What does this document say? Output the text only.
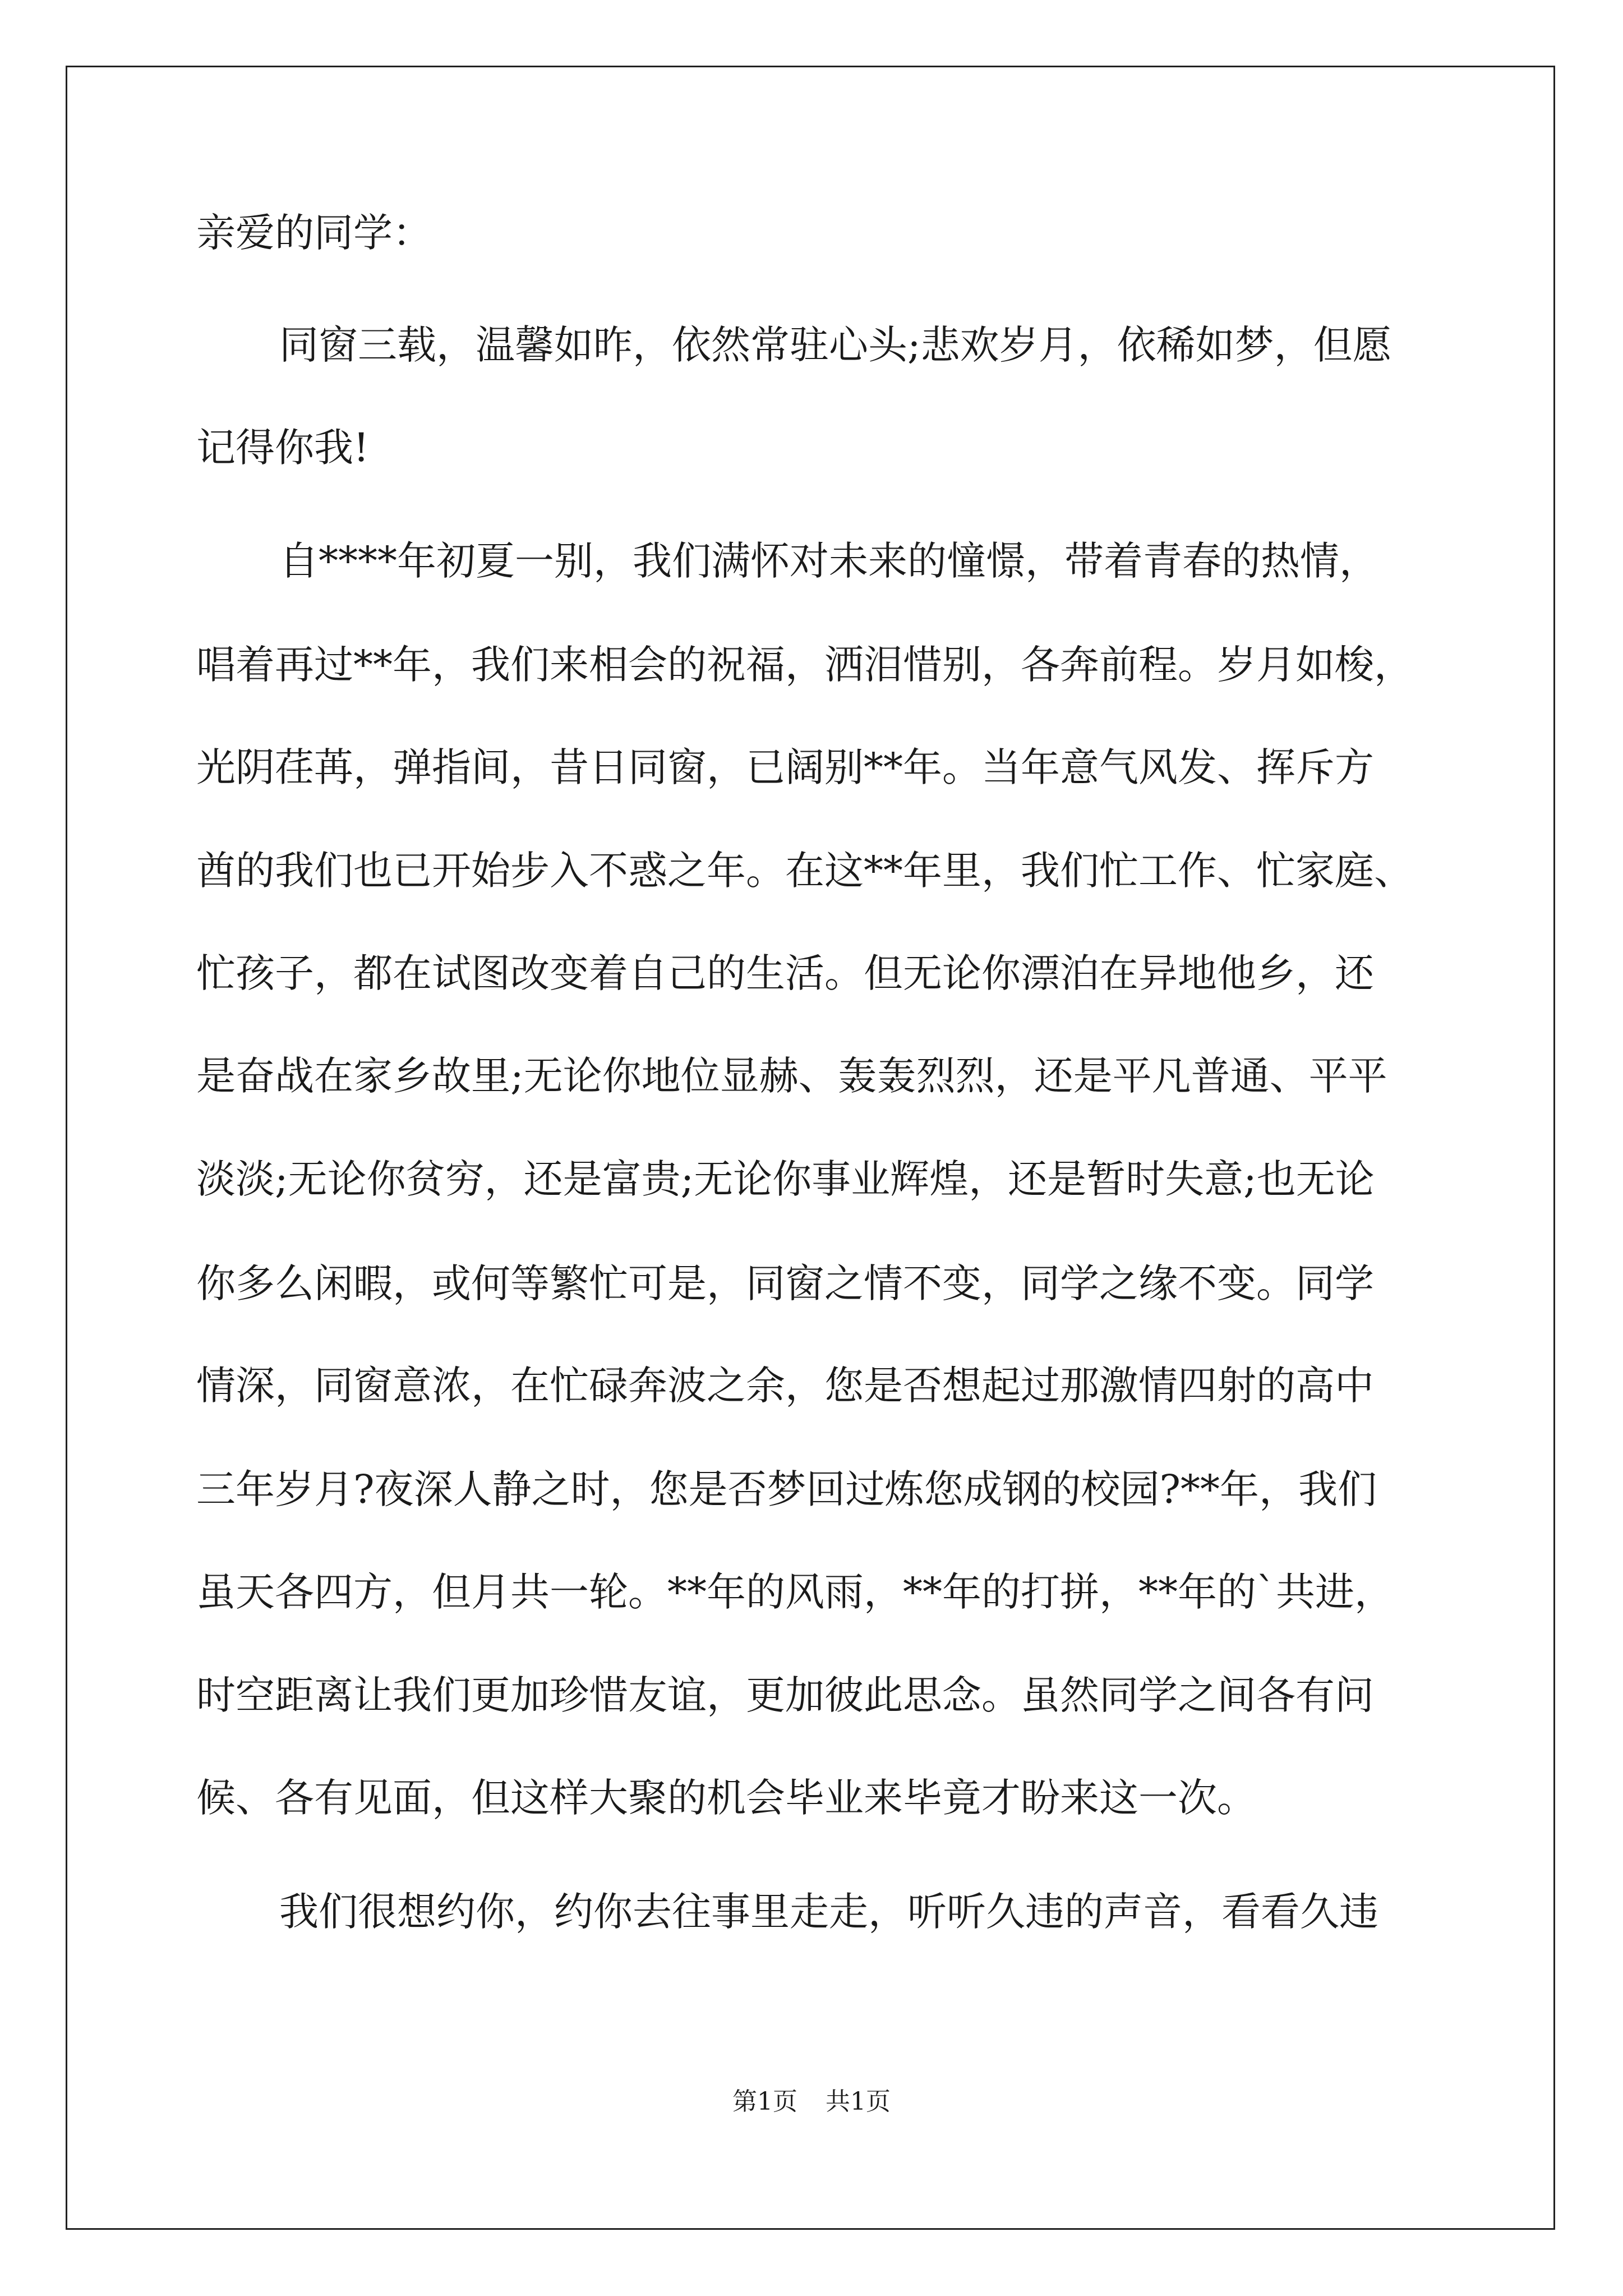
亲爱的同学：

同窗三载，温馨如昨，依然常驻心头;悲欢岁月，依稀如梦，但愿

记得你我!

自****年初夏一别，我们满怀对未来的憧憬，带着青春的热情，

唱着再过**年，我们来相会的祝福，洒泪惜别，各奔前程。岁月如梭，

光阴荏苒，弹指间，昔日同窗，已阔别**年。当年意气风发、挥斥方

酋的我们也已开始步入不惑之年。在这**年里，我们忙工作、忙家庭、

忙孩子，都在试图改变着自己的生活。但无论你漂泊在异地他乡，还

是奋战在家乡故里;无论你地位显赫、轰轰烈烈，还是平凡普通、平平

淡淡;无论你贫穷，还是富贵;无论你事业辉煌，还是暂时失意;也无论

你多么闲暇，或何等繁忙可是，同窗之情不变，同学之缘不变。同学

情深，同窗意浓，在忙碌奔波之余，您是否想起过那激情四射的高中

三年岁月?夜深人静之时，您是否梦回过炼您成钢的校园?**年，我们

虽天各四方，但月共一轮。**年的风雨，**年的打拼，**年的`共进，

时空距离让我们更加珍惜友谊，更加彼此思念。虽然同学之间各有问

候、各有见面，但这样大聚的机会毕业来毕竟才盼来这一次。

我们很想约你，约你去往事里走走，听听久违的声音，看看久违

第1页 共1页
